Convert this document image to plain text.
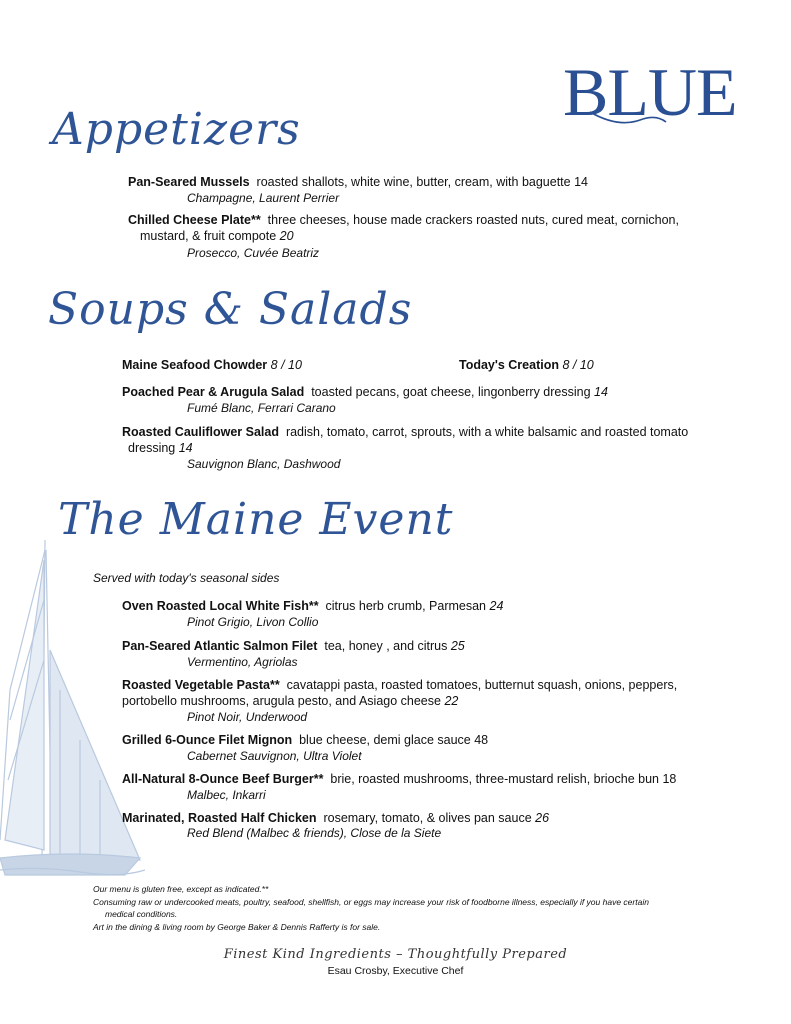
BLUE
Appetizers
Pan-Seared Mussels roasted shallots, white wine, butter, cream, with baguette 14
Champagne, Laurent Perrier
Chilled Cheese Plate** three cheeses, house made crackers roasted nuts, cured meat, cornichon,
mustard, & fruit compote 20
Prosecco, Cuvée Beatriz
Soups & Salads
Maine Seafood Chowder 8 / 10	Today's Creation 8 / 10
Poached Pear & Arugula Salad toasted pecans, goat cheese, lingonberry dressing 14
Fumé Blanc, Ferrari Carano
Roasted Cauliflower Salad radish, tomato, carrot, sprouts, with a white balsamic and roasted tomato
dressing 14
Sauvignon Blanc, Dashwood
The Maine Event
Served with today's seasonal sides
Oven Roasted Local White Fish** citrus herb crumb, Parmesan 24
Pinot Grigio, Livon Collio
Pan-Seared Atlantic Salmon Filet tea, honey , and citrus 25
Vermentino, Agriolas
Roasted Vegetable Pasta** cavatappi pasta, roasted tomatoes, butternut squash, onions, peppers,
portobello mushrooms, arugula pesto, and Asiago cheese 22
Pinot Noir, Underwood
Grilled 6-Ounce Filet Mignon blue cheese, demi glace sauce 48
Cabernet Sauvignon, Ultra Violet
All-Natural 8-Ounce Beef Burger** brie, roasted mushrooms, three-mustard relish, brioche bun 18
Malbec, Inkarri
Marinated, Roasted Half Chicken rosemary, tomato, & olives pan sauce 26
Red Blend (Malbec & friends), Close de la Siete
Our menu is gluten free, except as indicated.**
Consuming raw or undercooked meats, poultry, seafood, shellfish, or eggs may increase your risk of foodborne illness, especially if you have certain
medical conditions.
Art in the dining & living room by George Baker & Dennis Rafferty is for sale.
Finest Kind Ingredients – Thoughtfully Prepared
Esau Crosby, Executive Chef
